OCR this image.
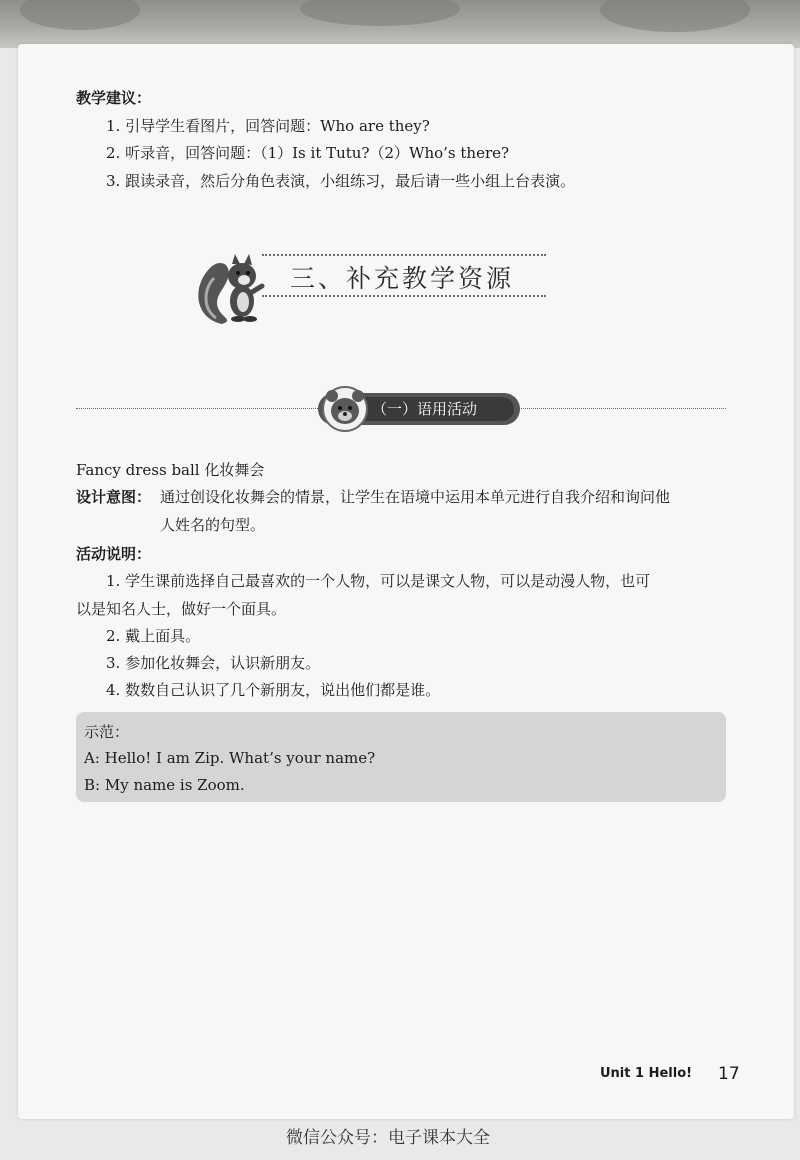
教学建议：
1. 引导学生看图片，回答问题：Who are they?
2. 听录音，回答问题：（1）Is it Tutu?（2）Who’s there?
3. 跟读录音，然后分角色表演，小组练习，最后请一些小组上台表演。
三、补充教学资源
（一）语用活动
Fancy dress ball 化妆舞会
设计意图： 通过创设化妆舞会的情景，让学生在语境中运用本单元进行自我介绍和询问他
人姓名的句型。
活动说明：
1. 学生课前选择自己最喜欢的一个人物，可以是课文人物，可以是动漫人物，也可
以是知名人士，做好一个面具。
2. 戴上面具。
3. 参加化妆舞会，认识新朋友。
4. 数数自己认识了几个新朋友，说出他们都是谁。
示范：
A: Hello! I am Zip. What’s your name?
B: My name is Zoom.
Unit 1 Hello! 17
微信公众号：电子课本大全
